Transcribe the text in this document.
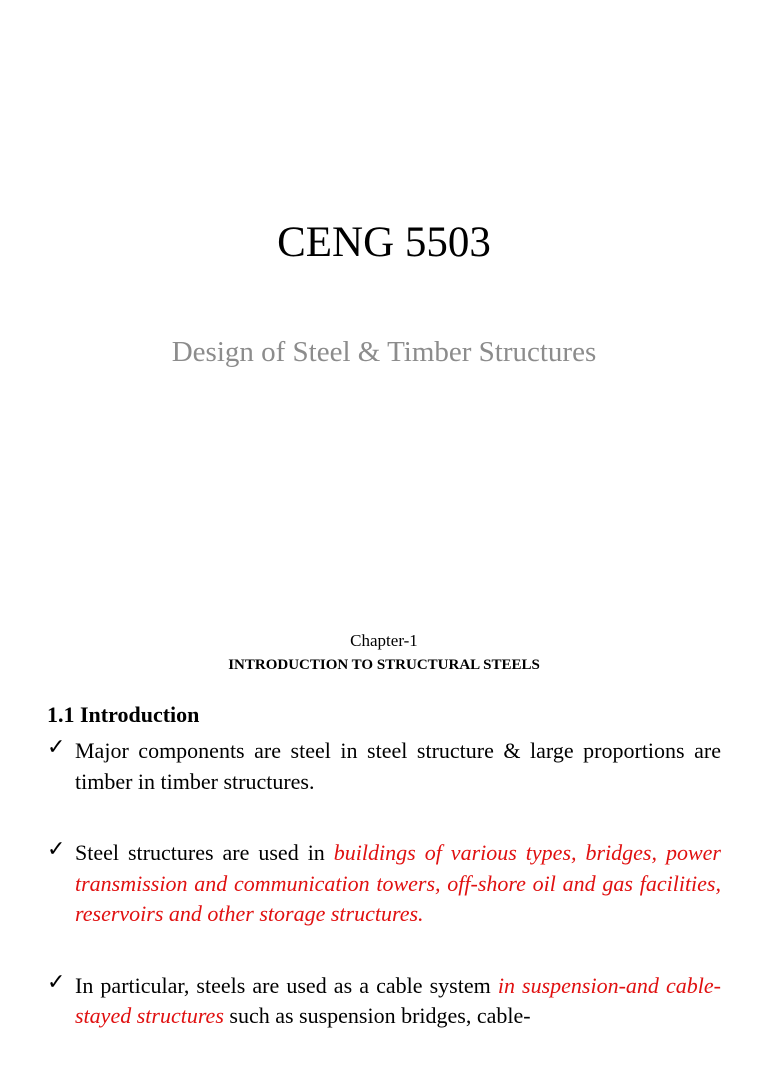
CENG 5503

Design of Steel & Timber Structures

Chapter-1
INTRODUCTION TO STRUCTURAL STEELS
1.1 Introduction
✓ Major components are steel in steel structure & large proportions are timber in timber structures.
✓ Steel structures are used in buildings of various types, bridges, power transmission and communication towers, off-shore oil and gas facilities, reservoirs and other storage structures.
✓ In particular, steels are used as a cable system in suspension-and cable-stayed structures such as suspension bridges, cable-
